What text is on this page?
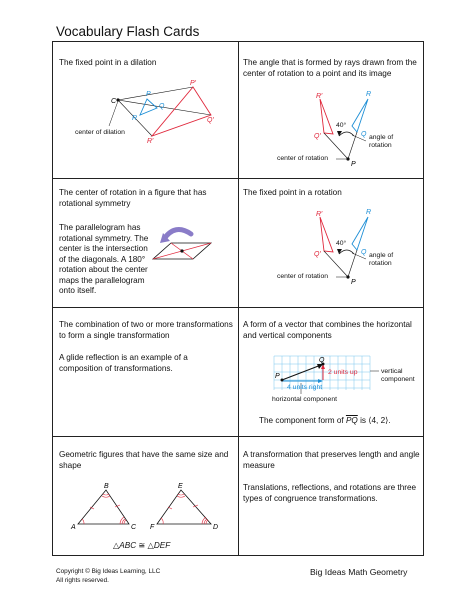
Vocabulary Flash Cards
The fixed point in a dilation
C
P
Q
R
P′
Q′
R′
center of dilation
The angle that is formed by rays drawn from the center of rotation to a point and its image
R′
Q′
R
Q
P
40°
angle of rotation
center of rotation
The center of rotation in a figure that has rotational symmetry
The parallelogram has rotational symmetry. The center is the intersection of the diagonals. A 180° rotation about the center maps the parallelogram onto itself.
The fixed point in a rotation
R′
Q′
R
Q
P
40°
angle of rotation
center of rotation
The combination of two or more transformations to form a single transformation
A glide reflection is an example of a composition of transformations.
A form of a vector that combines the horizontal and vertical components
P
Q
2 units up
4 units right
vertical component
horizontal component
The component form of $\overline{PQ}$ is ⟨4, 2⟩.
Geometric figures that have the same size and shape
A
B
C F
E
D
△ABC ≅ △DEF
A transformation that preserves length and angle measure
Translations, reflections, and rotations are three types of congruence transformations.
Copyright © Big Ideas Learning, LLC
All rights reserved.
Big Ideas Math Geometry
